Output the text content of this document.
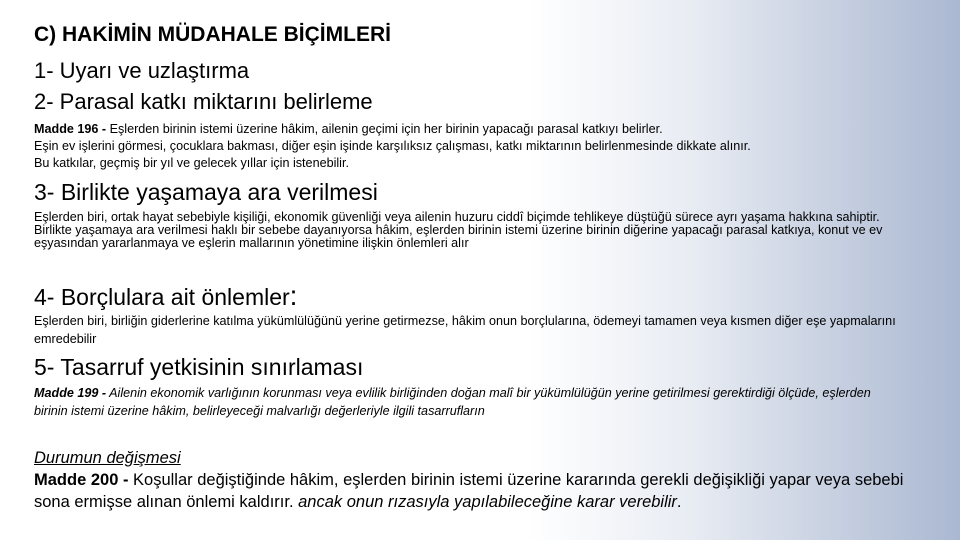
C) HAKİMİN MÜDAHALE BİÇİMLERİ

1- Uyarı ve uzlaştırma

2- Parasal katkı miktarını belirleme

Madde 196 - Eşlerden birinin istemi üzerine hâkim, ailenin geçimi için her birinin yapacağı parasal katkıyı belirler.
Eşin ev işlerini görmesi, çocuklara bakması, diğer eşin işinde karşılıksız çalışması, katkı miktarının belirlenmesinde dikkate alınır.
Bu katkılar, geçmiş bir yıl ve gelecek yıllar için istenebilir.

3- Birlikte yaşamaya ara verilmesi

Eşlerden biri, ortak hayat sebebiyle kişiliği, ekonomik güvenliği veya ailenin huzuru ciddî biçimde tehlikeye düştüğü sürece ayrı yaşama hakkına sahiptir.
Birlikte yaşamaya ara verilmesi haklı bir sebebe dayanıyorsa hâkim, eşlerden birinin istemi üzerine birinin diğerine yapacağı parasal katkıya, konut ve ev eşyasından yararlanmaya ve eşlerin mallarının yönetimine ilişkin önlemleri alır

4- Borçlulara ait önlemler:

Eşlerden biri, birliğin giderlerine katılma yükümlülüğünü yerine getirmezse, hâkim onun borçlularına, ödemeyi tamamen veya kısmen diğer eşe yapmalarını emredebilir

5- Tasarruf yetkisinin sınırlaması

Madde 199 - Ailenin ekonomik varlığının korunması veya evlilik birliğinden doğan malî bir yükümlülüğün yerine getirilmesi gerektirdiği ölçüde, eşlerden birinin istemi üzerine hâkim, belirleyeceği malvarlığı değerleriyle ilgili tasarrufların
Durumun değişmesi
Madde 200 - Koşullar değiştiğinde hâkim, eşlerden birinin istemi üzerine kararında gerekli değişikliği yapar veya sebebi sona ermişse alınan önlemi kaldırır. ancak onun rızasıyla yapılabileceğine karar verebilir.
